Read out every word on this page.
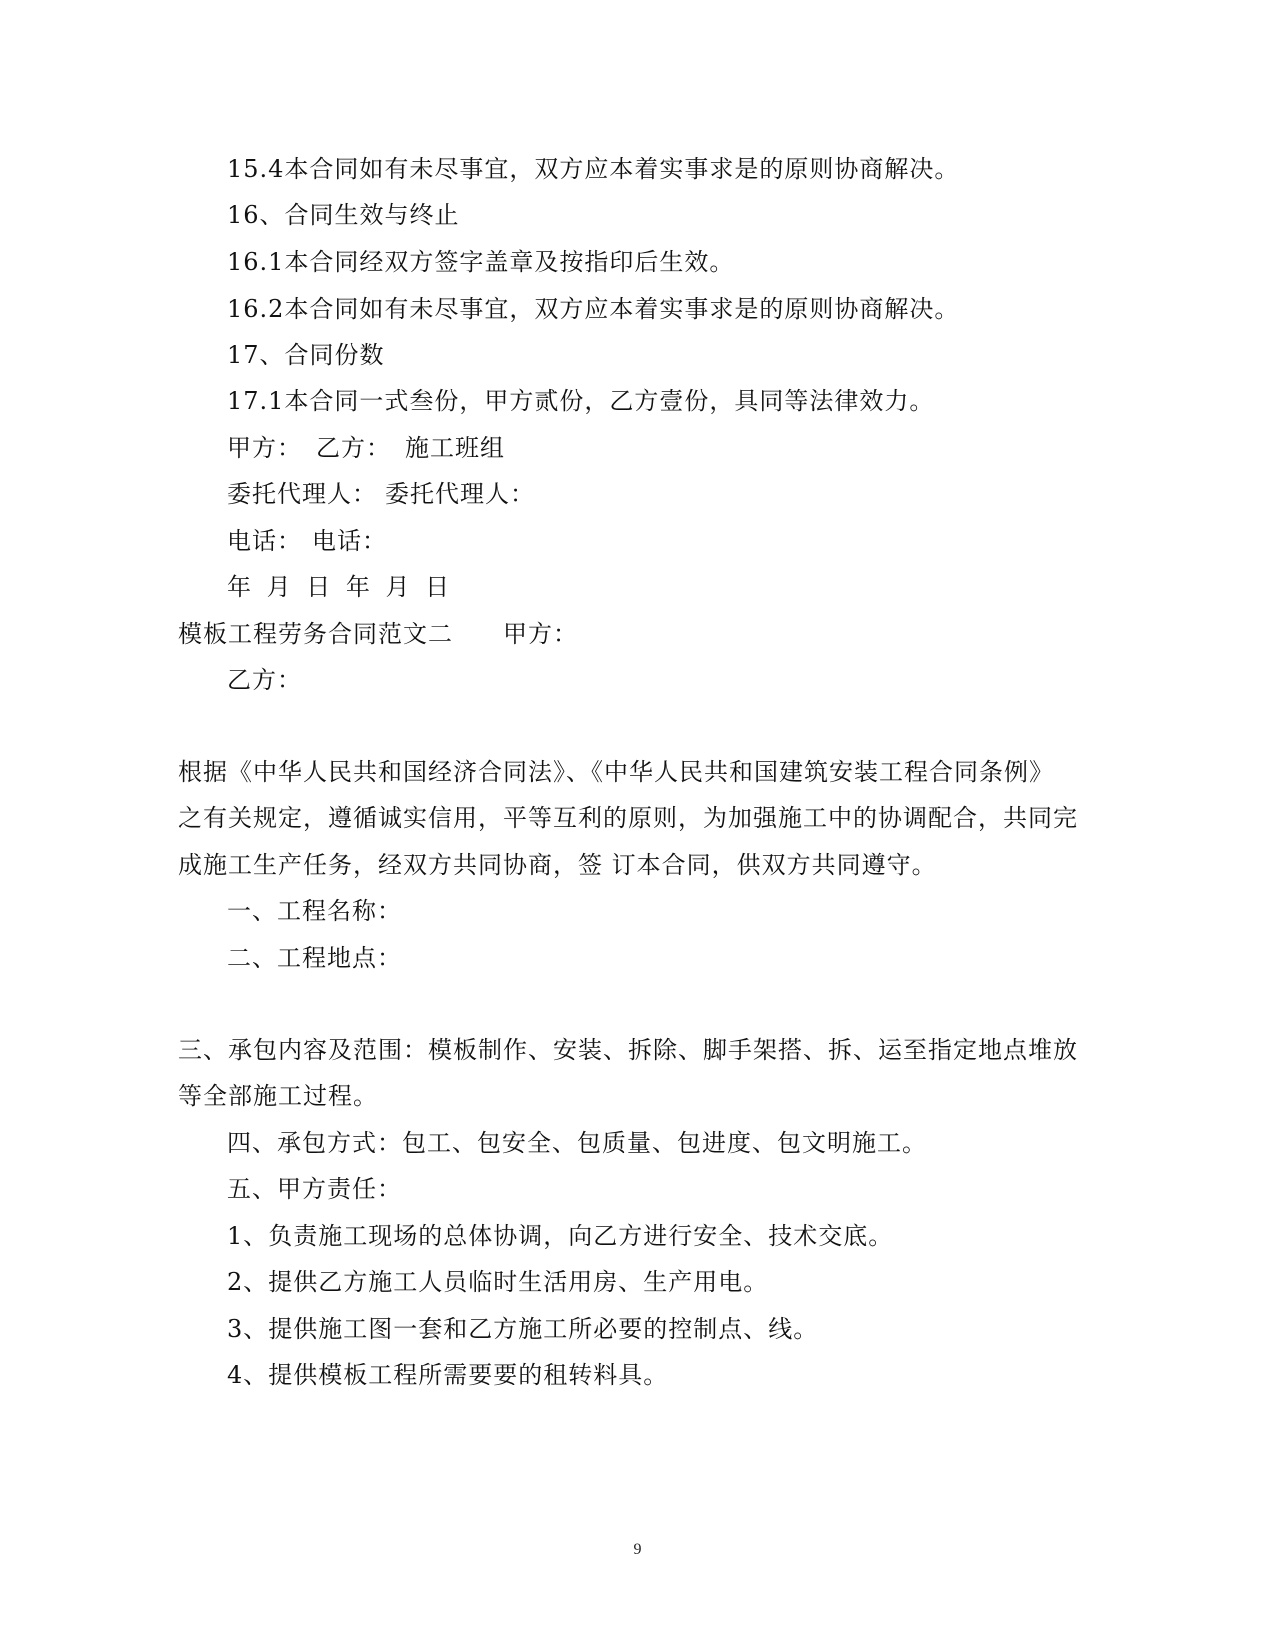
15.4本合同如有未尽事宜，双方应本着实事求是的原则协商解决。
16、合同生效与终止
16.1本合同经双方签字盖章及按指印后生效。
16.2本合同如有未尽事宜，双方应本着实事求是的原则协商解决。
17、合同份数
17.1本合同一式叁份，甲方贰份，乙方壹份，具同等法律效力。
甲方： 乙方： 施工班组
委托代理人： 委托代理人：
电话： 电话：
年 月 日 年 月 日
模板工程劳务合同范文二 甲方：
乙方：
根据《中华人民共和国经济合同法》、《中华人民共和国建筑安装工程合同条例》
之有关规定，遵循诚实信用，平等互利的原则，为加强施工中的协调配合，共同完
成施工生产任务，经双方共同协商，签 订本合同，供双方共同遵守。
一、工程名称：
二、工程地点：
三、承包内容及范围：模板制作、安装、拆除、脚手架搭、拆、运至指定地点堆放
等全部施工过程。
四、承包方式：包工、包安全、包质量、包进度、包文明施工。
五、甲方责任：
1、负责施工现场的总体协调，向乙方进行安全、技术交底。
2、提供乙方施工人员临时生活用房、生产用电。
3、提供施工图一套和乙方施工所必要的控制点、线。
4、提供模板工程所需要要的租转料具。
9
